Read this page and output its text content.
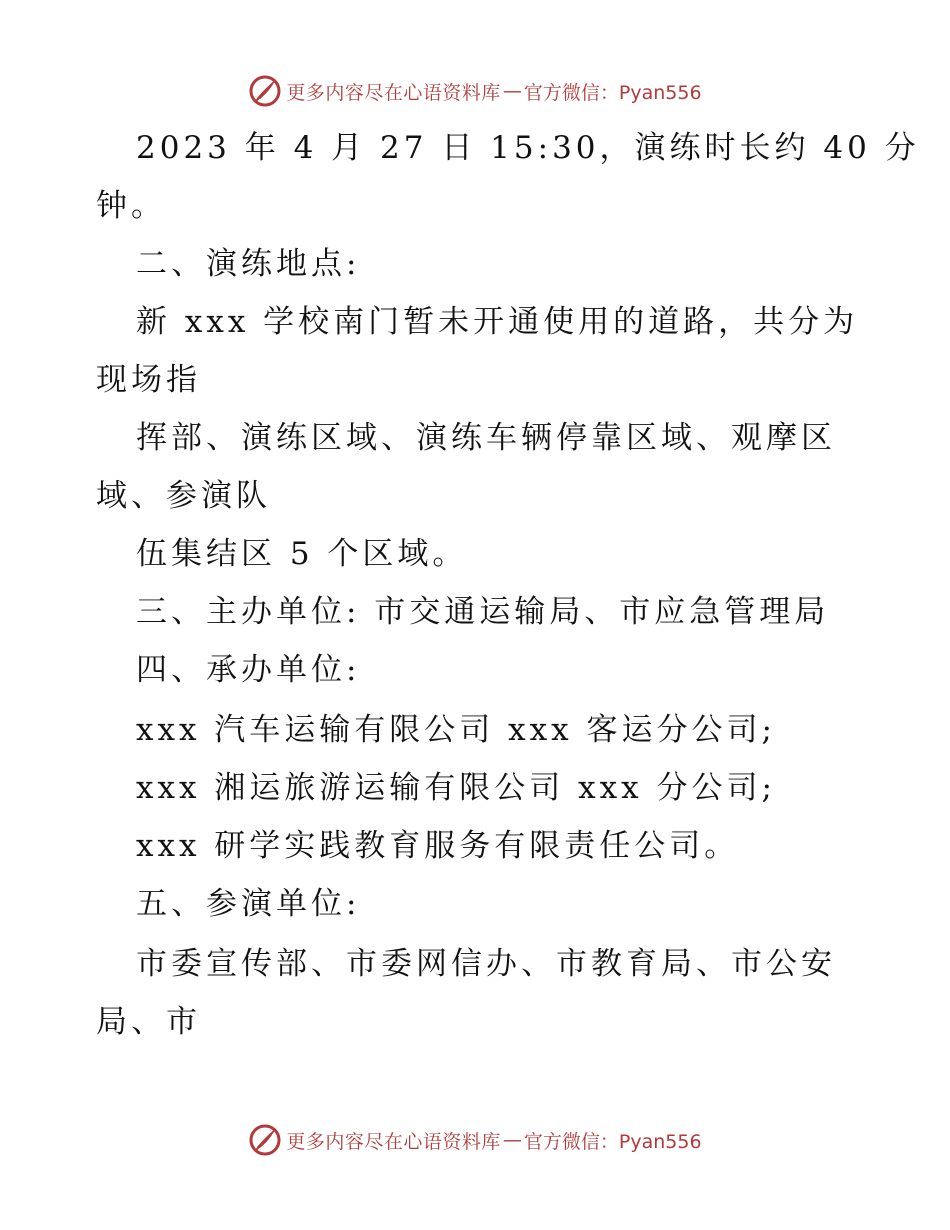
更多内容尽在心语资料库 — 官方微信：Pyan556
2023 年 4 月 27 日 15:30，演练时长约 40 分
钟。
二、演练地点:
新 xxx 学校南门暂未开通使用的道路，共分为
现场指
挥部、演练区域、演练车辆停靠区域、观摩区
域、参演队
伍集结区 5 个区域。
三、主办单位: 市交通运输局、市应急管理局
四、承办单位:
xxx 汽车运输有限公司 xxx 客运分公司;
xxx 湘运旅游运输有限公司 xxx 分公司;
xxx 研学实践教育服务有限责任公司。
五、参演单位:
市委宣传部、市委网信办、市教育局、市公安
局、市
更多内容尽在心语资料库 — 官方微信：Pyan556
